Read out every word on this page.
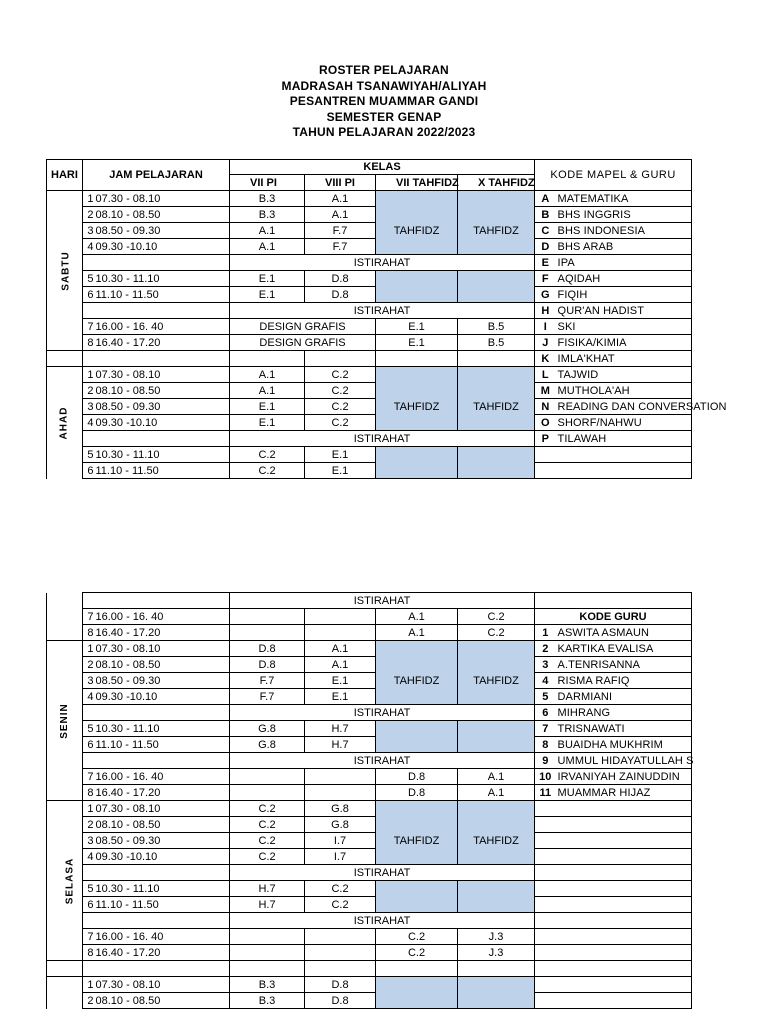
ROSTER PELAJARAN
MADRASAH TSANAWIYAH/ALIYAH
PESANTREN MUAMMAR GANDI
SEMESTER GENAP
TAHUN PELAJARAN 2022/2023
HARI	JAM PELAJARAN		KELAS				KODE MAPEL & GURU	
			VII PI	VIII PI	VII TAHFIDZ	X TAHFIDZ		
SABTU	1	07.30 - 08.10	B.3	A.1			A	MATEMATIKA
	2	08.10 - 08.50	B.3	A.1			B	BHS INGGRIS
	3	08.50 - 09.30	A.1	F.7	TAHFIDZ	TAHFIDZ	C	BHS INDONESIA
	4	09.30 -10.10	A.1	F.7			D	BHS ARAB
			ISTIRAHAT				E	IPA
	5	10.30 - 11.10	E.1	D.8			F	AQIDAH
	6	11.10 - 11.50	E.1	D.8			G	FIQIH
			ISTIRAHAT				H	QUR'AN HADIST
	7	16.00 - 16. 40	DESIGN GRAFIS		E.1	B.5	I	SKI
	8	16.40 - 17.20	DESIGN GRAFIS		E.1	B.5	J	FISIKA/KIMIA
							K	IMLA'KHAT
AHAD	1	07.30 - 08.10	A.1	C.2			L	TAJWID
	2	08.10 - 08.50	A.1	C.2			M	MUTHOLA'AH
	3	08.50 - 09.30	E.1	C.2	TAHFIDZ	TAHFIDZ	N	READING DAN CONVERSATION
	4	09.30 -10.10	E.1	C.2			O	SHORF/NAHWU
			ISTIRAHAT				P	TILAWAH
	5	10.30 - 11.10	C.2	E.1				
	6	11.10 - 11.50	C.2	E.1				
			ISTIRAHAT					
	7	16.00 - 16. 40			A.1	C.2	KODE GURU	
	8	16.40 - 17.20			A.1	C.2	1	ASWITA ASMAUN
SENIN	1	07.30 - 08.10	D.8	A.1			2	KARTIKA EVALISA
	2	08.10 - 08.50	D.8	A.1			3	A.TENRISANNA
	3	08.50 - 09.30	F.7	E.1	TAHFIDZ	TAHFIDZ	4	RISMA RAFIQ
	4	09.30 -10.10	F.7	E.1			5	DARMIANI
			ISTIRAHAT				6	MIHRANG
	5	10.30 - 11.10	G.8	H.7			7	TRISNAWATI
	6	11.10 - 11.50	G.8	H.7			8	BUAIDHA MUKHRIM
			ISTIRAHAT				9	UMMUL HIDAYATULLAH S
	7	16.00 - 16. 40			D.8	A.1	10	IRVANIYAH ZAINUDDIN
	8	16.40 - 17.20			D.8	A.1	11	MUAMMAR HIJAZ
SELASA	1	07.30 - 08.10	C.2	G.8				
	2	08.10 - 08.50	C.2	G.8				
	3	08.50 - 09.30	C.2	I.7	TAHFIDZ	TAHFIDZ		
	4	09.30 -10.10	C.2	I.7				
			ISTIRAHAT					
	5	10.30 - 11.10	H.7	C.2				
	6	11.10 - 11.50	H.7	C.2				
			ISTIRAHAT					
	7	16.00 - 16. 40			C.2	J.3		
	8	16.40 - 17.20			C.2	J.3		

	1	07.30 - 08.10	B.3	D.8				
	2	08.10 - 08.50	B.3	D.8				
